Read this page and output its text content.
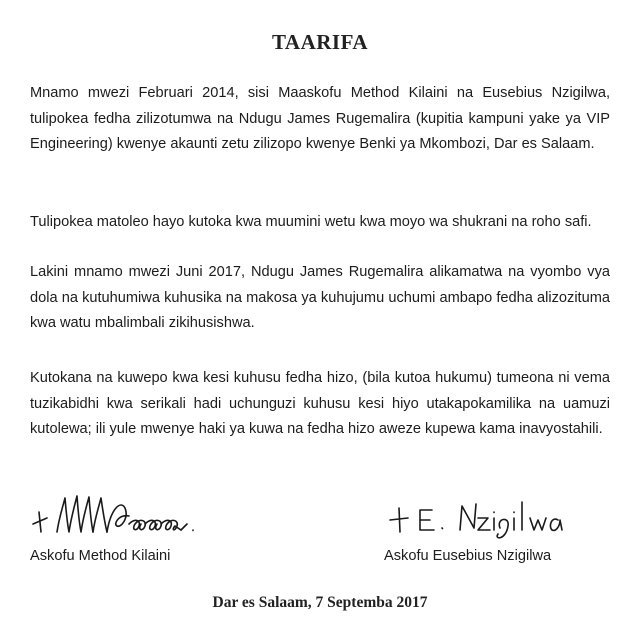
TAARIFA
Mnamo mwezi Februari 2014, sisi Maaskofu Method Kilaini na Eusebius Nzigilwa, tulipokea fedha zilizotumwa na Ndugu James Rugemalira (kupitia kampuni yake ya VIP Engineering) kwenye akaunti zetu zilizopo kwenye Benki ya Mkombozi, Dar es Salaam.
Tulipokea matoleo hayo kutoka kwa muumini wetu kwa moyo wa shukrani na roho safi.
Lakini mnamo mwezi Juni 2017, Ndugu James Rugemalira alikamatwa na vyombo vya dola na kutuhumiwa kuhusika na makosa ya kuhujumu uchumi ambapo fedha alizozituma kwa watu mbalimbali zikihusishwa.
Kutokana na kuwepo kwa kesi kuhusu fedha hizo, (bila kutoa hukumu) tumeona ni vema tuzikabidhi kwa serikali hadi uchunguzi kuhusu kesi hiyo utakapokamilika na uamuzi kutolewa; ili yule mwenye haki ya kuwa na fedha hizo aweze kupewa kama inavyostahili.
Askofu Method Kilaini	Askofu Eusebius Nzigilwa
Dar es Salaam, 7 Septemba 2017
